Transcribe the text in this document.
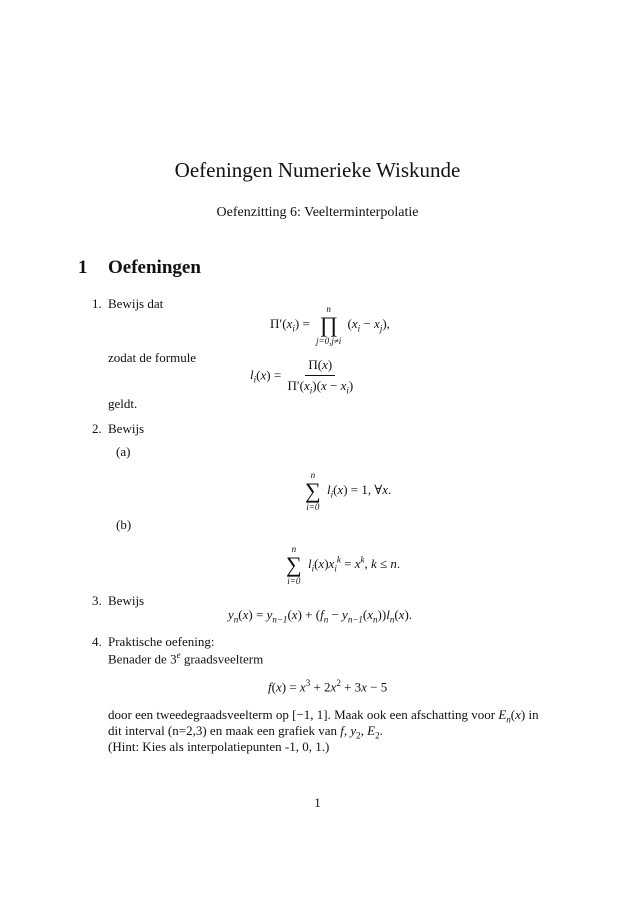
Oefeningen Numerieke Wiskunde
Oefenzitting 6: Veelterminterpolatie
1 Oefeningen
1. Bewijs dat
$\Pi'(x_i)$ =
n
∏
j=0,j≠i
$(x_i - x_j)$,
zodat de formule
$l_i(x) = \frac{\Pi(x)}{\Pi'(x_i)(x - x_i)}$
geldt.
2. Bewijs
(a)
n
∑
i=0
$l_i(x) = 1$, ∀x.
(b)
n
∑
i=0
$l_i(x)x_i^k = x^k$, k ≤ n.
3. Bewijs
$y_n(x) = y_{n-1}(x) + (f_n - y_{n-1}(x_n))l_n(x)$.
4. Praktische oefening:
Benader de 3e graadsveelterm
$f(x) = x^3 + 2x^2 + 3x - 5$
door een tweedegraadsveelterm op [−1, 1]. Maak ook een afschatting voor $E_n(x)$ in
dit interval (n=2,3) en maak een grafiek van f, $y_2$, $E_2$.
(Hint: Kies als interpolatiepunten -1, 0, 1.)
1
